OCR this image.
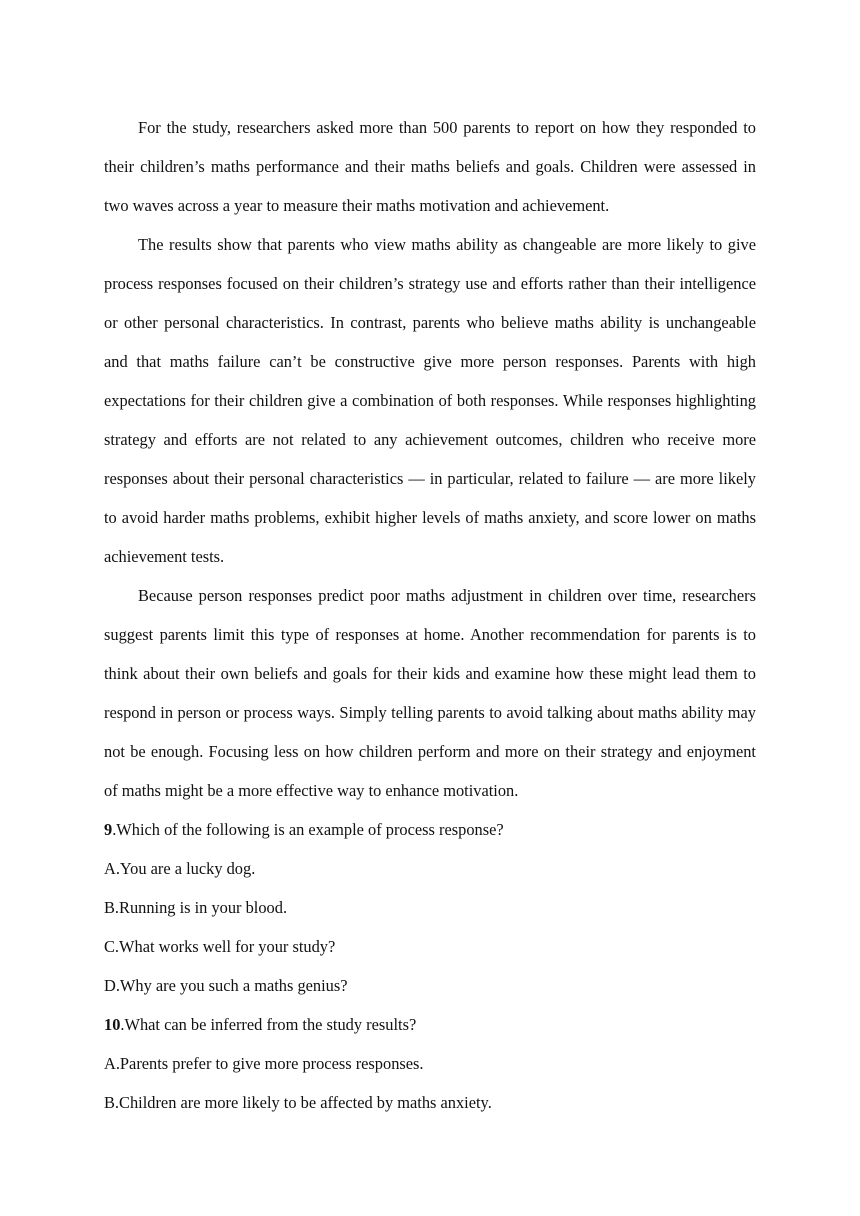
For the study, researchers asked more than 500 parents to report on how they responded to their children’s maths performance and their maths beliefs and goals. Children were assessed in two waves across a year to measure their maths motivation and achievement.

The results show that parents who view maths ability as changeable are more likely to give process responses focused on their children’s strategy use and efforts rather than their intelligence or other personal characteristics. In contrast, parents who believe maths ability is unchangeable and that maths failure can’t be constructive give more person responses. Parents with high expectations for their children give a combination of both responses. While responses highlighting strategy and efforts are not related to any achievement outcomes, children who receive more responses about their personal characteristics — in particular, related to failure — are more likely to avoid harder maths problems, exhibit higher levels of maths anxiety, and score lower on maths achievement tests.

Because person responses predict poor maths adjustment in children over time, researchers suggest parents limit this type of responses at home. Another recommendation for parents is to think about their own beliefs and goals for their kids and examine how these might lead them to respond in person or process ways. Simply telling parents to avoid talking about maths ability may not be enough. Focusing less on how children perform and more on their strategy and enjoyment of maths might be a more effective way to enhance motivation.

9.Which of the following is an example of process response?

A.You are a lucky dog.

B.Running is in your blood.

C.What works well for your study?

D.Why are you such a maths genius?

10.What can be inferred from the study results?

A.Parents prefer to give more process responses.

B.Children are more likely to be affected by maths anxiety.
